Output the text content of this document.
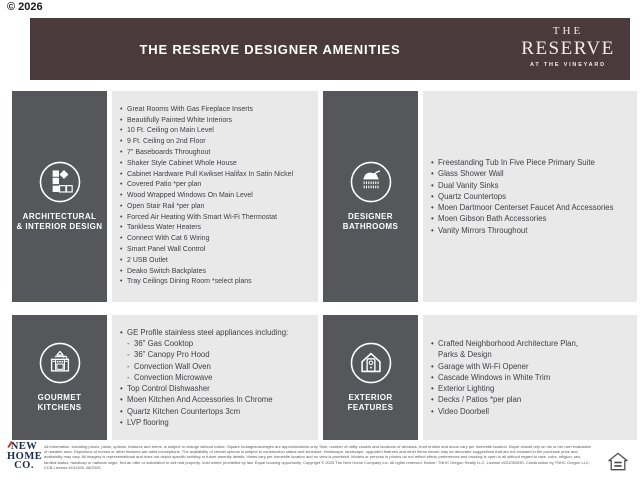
© 2026
THE RESERVE DESIGNER AMENITIES
THE
RESERVE
AT THE VINEYARD
ARCHITECTURAL
& INTERIOR DESIGN
• Great Rooms With Gas Fireplace Inserts
• Beautifully Painted White Interiors
• 10 Ft. Ceiling on Main Level
• 9 Ft. Ceiling on 2nd Floor
• 7" Baseboards Throughout
• Shaker Style Cabinet Whole House
• Cabinet Hardware Pull Kwikset Halifax In Satin Nickel
• Covered Patio *per plan
• Wood Wrapped Windows On Main Level
• Open Stair Rail *per plan
• Forced Air Heating With Smart Wi-Fi Thermostat
• Tankless Water Heaters
• Connect With Cat 6 Wiring
• Smart Panel Wall Control
• 2 USB Outlet
• Deako Switch Backplates
• Tray Ceilings Dining Room *select plans
DESIGNER
BATHROOMS
• Freestanding Tub In Five Piece Primary Suite
• Glass Shower Wall
• Dual Vanity Sinks
• Quartz Countertops
• Moen Dartmoor Centerset Faucet And Accessories
• Moen Gibson Bath Accessories
• Vanity Mirrors Throughout
GOURMET
KITCHENS
• GE Profile stainless steel appliances including:
- 36" Gas Cooktop
- 36" Canopy Pro Hood
- Convection Wall Oven
- Convection Microwave
• Top Control Dishwasher
• Moen Kitchen And Accessories In Chrome
• Quartz Kitchen Countertops 3cm
• LVP flooring
EXTERIOR FEATURES
• Crafted Neighborhood Architecture Plan,
Parks & Design
• Garage with Wi-Fi Opener
• Cascade Windows in White Trim
• Exterior Lighting
• Decks / Patios *per plan
• Video Doorbell
NEW
HOME
CO.

All information, including prices, plans, options, features and terms, is subject to change without notice. Square footages/acreages are approximations only. Size, number of utility closets and locations of windows, front entries and doors vary per homesite location. Buyer should rely on his or her own evaluation of useable area. Depictions of homes or other features are artist conceptions. The availability of certain options is subject to construction status and schedule. Hardscape, landscape, upgraded features and other items shown may be decorator suggestions that are not included in the purchase price and availability may vary. All imagery is representational and does not depict specific building or future amenity details. Views vary per homesite location and no view is promised. Models or persons in photos do not reflect ethnic preferences and housing is open to all without regard to race, color, religion, sex, familial status, handicap or national origin. Not an offer or solicitation to sell real property. Void where prohibited by law. Equal housing opportunity. Copyright © 2025 The New Home Company Inc. All rights reserved. Broker: TNHC Oregon Realty LLC, License #201052530. Construction by TNHC Oregon LLC, CCB License #241108. 06/2025.
